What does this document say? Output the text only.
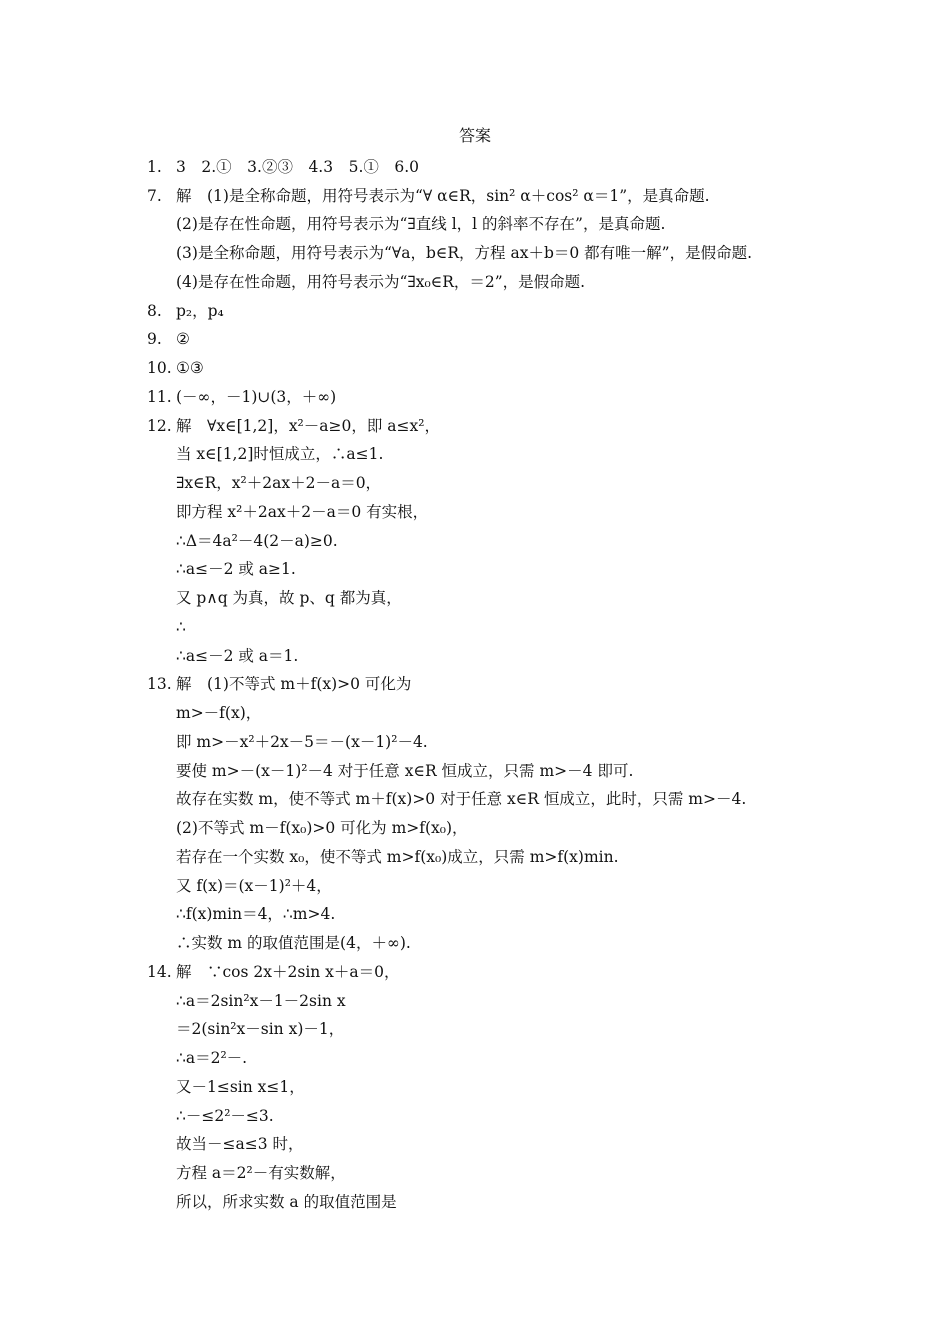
答案
1. 3　2.①　3.②③　4.3　5.①　6.0
7. 解　(1)是全称命题，用符号表示为“∀ α∈R，sin² α＋cos² α＝1”，是真命题.
(2)是存在性命题，用符号表示为“∃直线 l，l 的斜率不存在”，是真命题.
(3)是全称命题，用符号表示为“∀a，b∈R，方程 ax＋b＝0 都有唯一解”，是假命题.
(4)是存在性命题，用符号表示为“∃x₀∈R，＝2”，是假命题.
8. p₂，p₄
9. ②
10. ①③
11. (－∞，－1)∪(3，＋∞)
12. 解　∀x∈[1,2]，x²－a≥0，即 a≤x²，
当 x∈[1,2]时恒成立，∴a≤1.
∃x∈R，x²＋2ax＋2－a＝0，
即方程 x²＋2ax＋2－a＝0 有实根，
∴Δ＝4a²－4(2－a)≥0.
∴a≤－2 或 a≥1.
又 p∧q 为真，故 p、q 都为真，
∴
∴a≤－2 或 a＝1.
13. 解　(1)不等式 m＋f(x)>0 可化为
m>－f(x)，
即 m>－x²＋2x－5＝－(x－1)²－4.
要使 m>－(x－1)²－4 对于任意 x∈R 恒成立，只需 m>－4 即可.
故存在实数 m，使不等式 m＋f(x)>0 对于任意 x∈R 恒成立，此时，只需 m>－4.
(2)不等式 m－f(x₀)>0 可化为 m>f(x₀)，
若存在一个实数 x₀，使不等式 m>f(x₀)成立，只需 m>f(x)min.
又 f(x)＝(x－1)²＋4，
∴f(x)min＝4，∴m>4.
∴实数 m 的取值范围是(4，＋∞).
14. 解　∵cos 2x＋2sin x＋a＝0，
∴a＝2sin²x－1－2sin x
＝2(sin²x－sin x)－1，
∴a＝2²－.
又－1≤sin x≤1，
∴－≤2²－≤3.
故当－≤a≤3 时，
方程 a＝2²－有实数解，
所以，所求实数 a 的取值范围是
